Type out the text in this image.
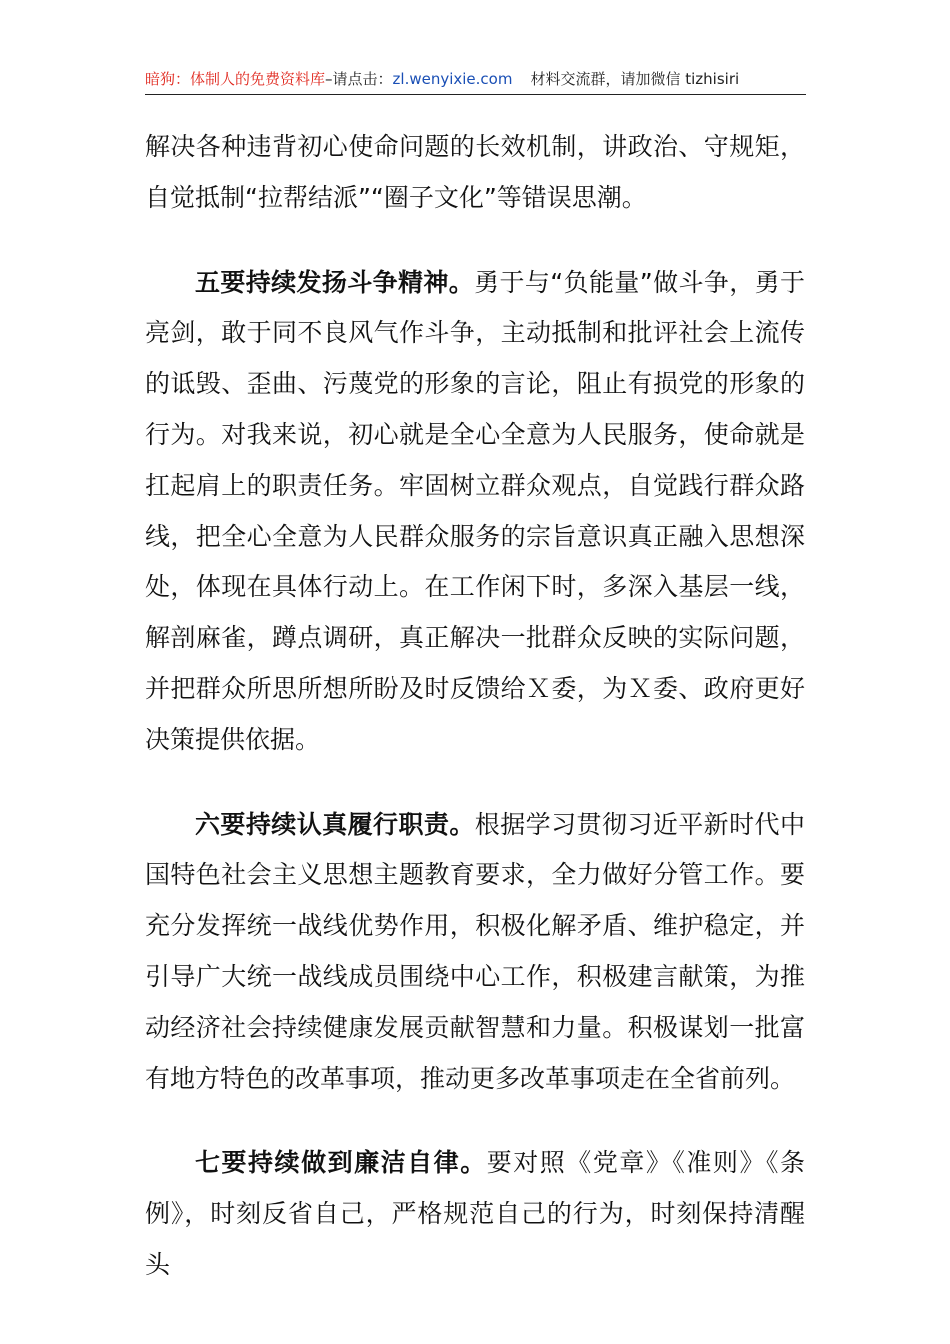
暗狗：体制人的免费资料库–请点击：zl.wenyixie.com 材料交流群，请加微信 tizhisiri

解决各种违背初心使命问题的长效机制，讲政治、守规矩，自觉抵制“拉帮结派”“圈子文化”等错误思潮。

五要持续发扬斗争精神。勇于与“负能量”做斗争，勇于亮剑，敢于同不良风气作斗争，主动抵制和批评社会上流传的诋毁、歪曲、污蔑党的形象的言论，阻止有损党的形象的行为。对我来说，初心就是全心全意为人民服务，使命就是扛起肩上的职责任务。牢固树立群众观点，自觉践行群众路线，把全心全意为人民群众服务的宗旨意识真正融入思想深处，体现在具体行动上。在工作闲下时，多深入基层一线，解剖麻雀，蹲点调研，真正解决一批群众反映的实际问题，并把群众所思所想所盼及时反馈给Ｘ委，为Ｘ委、政府更好决策提供依据。

六要持续认真履行职责。根据学习贯彻习近平新时代中国特色社会主义思想主题教育要求，全力做好分管工作。要充分发挥统一战线优势作用，积极化解矛盾、维护稳定，并引导广大统一战线成员围绕中心工作，积极建言献策，为推动经济社会持续健康发展贡献智慧和力量。积极谋划一批富有地方特色的改革事项，推动更多改革事项走在全省前列。

七要持续做到廉洁自律。要对照《党章》《准则》《条例》，时刻反省自己，严格规范自己的行为，时刻保持清醒头
